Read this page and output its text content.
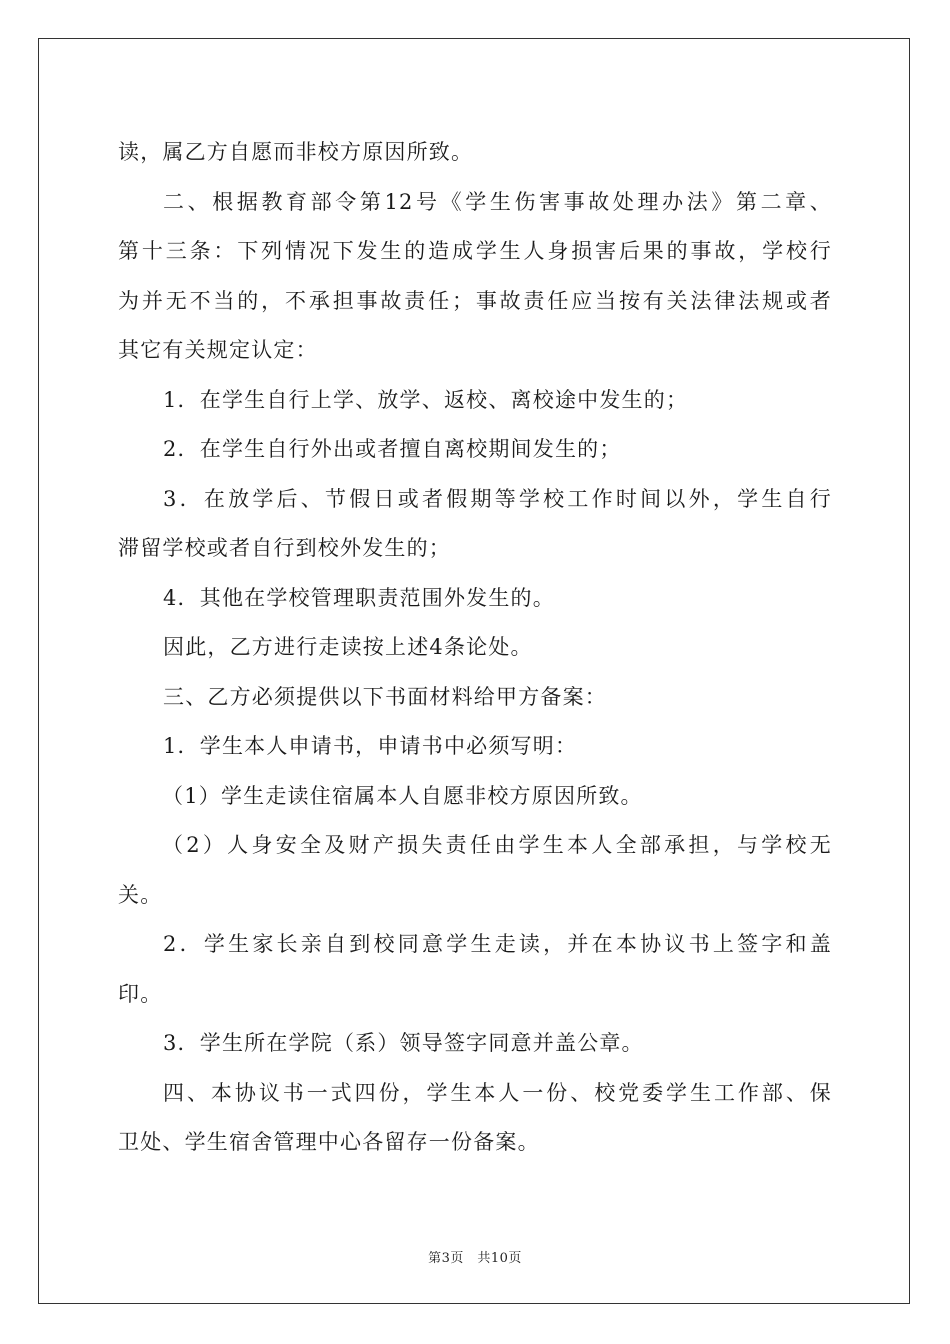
读，属乙方自愿而非校方原因所致。
二、根据教育部令第12号《学生伤害事故处理办法》第二章、
第十三条：下列情况下发生的造成学生人身损害后果的事故，学校行
为并无不当的，不承担事故责任；事故责任应当按有关法律法规或者
其它有关规定认定：
1．在学生自行上学、放学、返校、离校途中发生的；
2．在学生自行外出或者擅自离校期间发生的；
3．在放学后、节假日或者假期等学校工作时间以外，学生自行
滞留学校或者自行到校外发生的；
4．其他在学校管理职责范围外发生的。
因此，乙方进行走读按上述4条论处。
三、乙方必须提供以下书面材料给甲方备案：
1．学生本人申请书，申请书中必须写明：
（1）学生走读住宿属本人自愿非校方原因所致。
（2）人身安全及财产损失责任由学生本人全部承担，与学校无
关。
2．学生家长亲自到校同意学生走读，并在本协议书上签字和盖
印。
3．学生所在学院（系）领导签字同意并盖公章。
四、本协议书一式四份，学生本人一份、校党委学生工作部、保
卫处、学生宿舍管理中心各留存一份备案。
第3页　共10页
